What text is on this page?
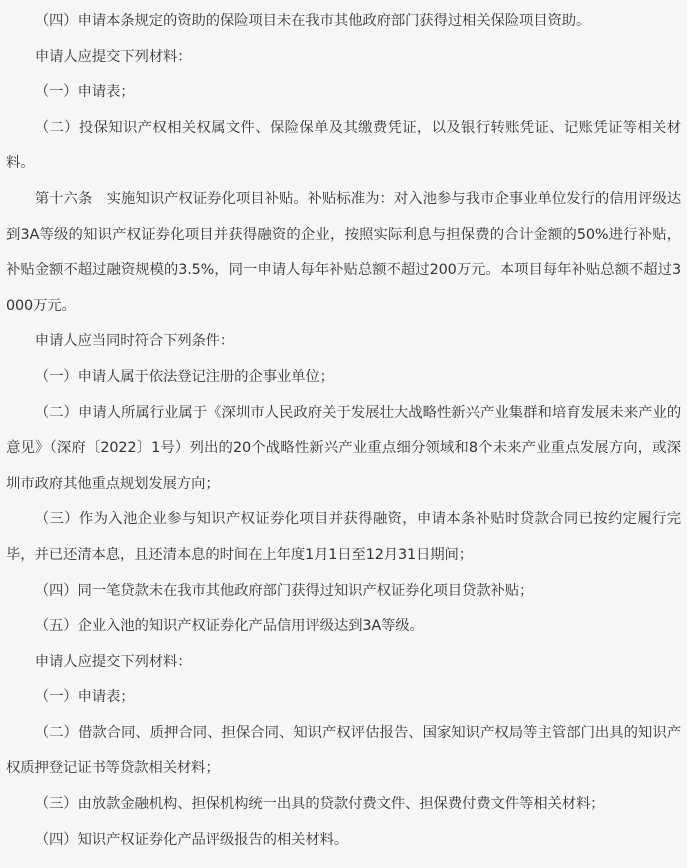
（四）申请本条规定的资助的保险项目未在我市其他政府部门获得过相关保险项目资助。

申请人应提交下列材料：

（一）申请表；

（二）投保知识产权相关权属文件、保险保单及其缴费凭证，以及银行转账凭证、记账凭证等相关材料。

第十六条　实施知识产权证券化项目补贴。补贴标准为：对入池参与我市企事业单位发行的信用评级达到3A等级的知识产权证券化项目并获得融资的企业，按照实际利息与担保费的合计金额的50%进行补贴，补贴金额不超过融资规模的3.5%，同一申请人每年补贴总额不超过200万元。本项目每年补贴总额不超过3000万元。

申请人应当同时符合下列条件：

（一）申请人属于依法登记注册的企事业单位；

（二）申请人所属行业属于《深圳市人民政府关于发展壮大战略性新兴产业集群和培育发展未来产业的意见》（深府〔2022〕1号）列出的20个战略性新兴产业重点细分领域和8个未来产业重点发展方向，或深圳市政府其他重点规划发展方向；

（三）作为入池企业参与知识产权证券化项目并获得融资，申请本条补贴时贷款合同已按约定履行完毕，并已还清本息，且还清本息的时间在上年度1月1日至12月31日期间；

（四）同一笔贷款未在我市其他政府部门获得过知识产权证券化项目贷款补贴；

（五）企业入池的知识产权证券化产品信用评级达到3A等级。

申请人应提交下列材料：

（一）申请表；

（二）借款合同、质押合同、担保合同、知识产权评估报告、国家知识产权局等主管部门出具的知识产权质押登记证书等贷款相关材料；

（三）由放款金融机构、担保机构统一出具的贷款付费文件、担保费付费文件等相关材料；

（四）知识产权证券化产品评级报告的相关材料。
